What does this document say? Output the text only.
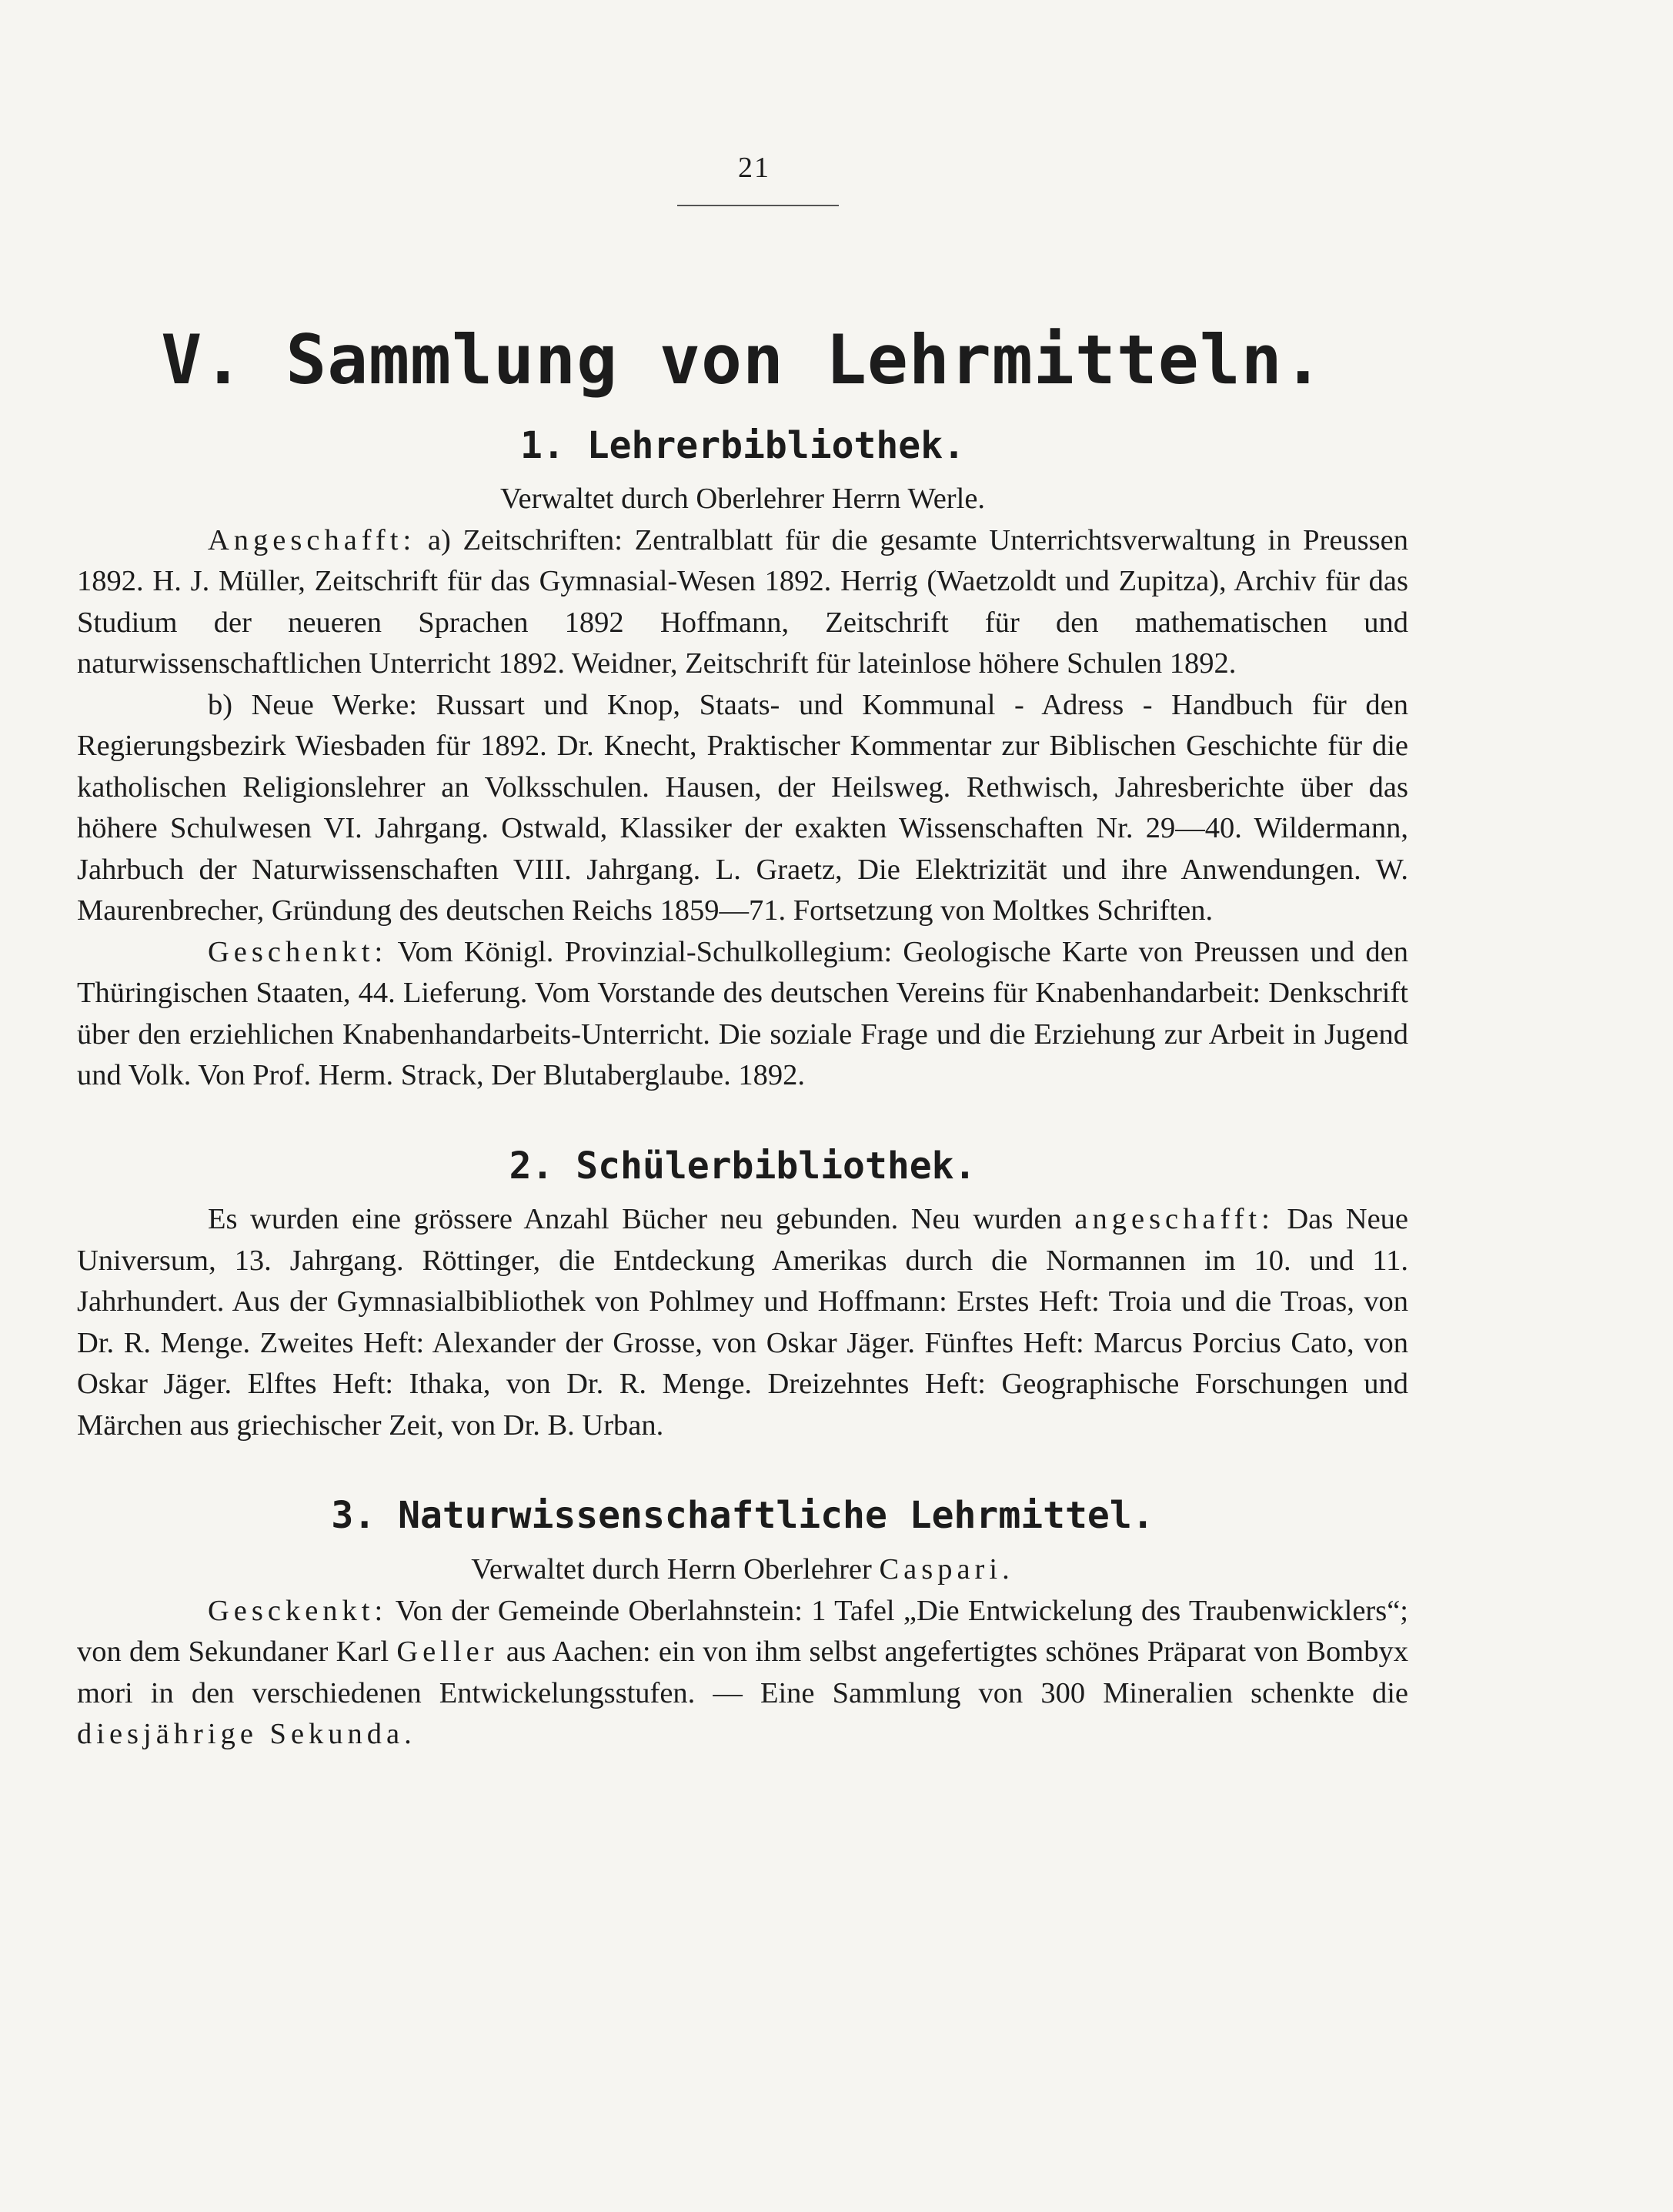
21
V. Sammlung von Lehrmitteln.
1. Lehrerbibliothek.

Verwaltet durch Oberlehrer Herrn Werle.

Angeschafft: a) Zeitschriften: Zentralblatt für die gesamte Unterrichtsverwaltung in Preussen 1892. H. J. Müller, Zeitschrift für das Gymnasial-Wesen 1892. Herrig (Waetzoldt und Zupitza), Archiv für das Studium der neueren Sprachen 1892 Hoffmann, Zeitschrift für den mathematischen und naturwissenschaftlichen Unterricht 1892. Weidner, Zeitschrift für lateinlose höhere Schulen 1892.

b) Neue Werke: Russart und Knop, Staats- und Kommunal - Adress - Handbuch für den Regierungsbezirk Wiesbaden für 1892. Dr. Knecht, Praktischer Kommentar zur Biblischen Geschichte für die katholischen Religionslehrer an Volksschulen. Hausen, der Heilsweg. Rethwisch, Jahresberichte über das höhere Schulwesen VI. Jahrgang. Ostwald, Klassiker der exakten Wissenschaften Nr. 29—40. Wildermann, Jahrbuch der Naturwissenschaften VIII. Jahrgang. L. Graetz, Die Elektrizität und ihre Anwendungen. W. Maurenbrecher, Gründung des deutschen Reichs 1859—71. Fortsetzung von Moltkes Schriften.

Geschenkt: Vom Königl. Provinzial-Schulkollegium: Geologische Karte von Preussen und den Thüringischen Staaten, 44. Lieferung. Vom Vorstande des deutschen Vereins für Knabenhandarbeit: Denkschrift über den erziehlichen Knabenhandarbeits-Unterricht. Die soziale Frage und die Erziehung zur Arbeit in Jugend und Volk. Von Prof. Herm. Strack, Der Blutaberglaube. 1892.

2. Schülerbibliothek.

Es wurden eine grössere Anzahl Bücher neu gebunden. Neu wurden angeschafft: Das Neue Universum, 13. Jahrgang. Röttinger, die Entdeckung Amerikas durch die Normannen im 10. und 11. Jahrhundert. Aus der Gymnasialbibliothek von Pohlmey und Hoffmann: Erstes Heft: Troia und die Troas, von Dr. R. Menge. Zweites Heft: Alexander der Grosse, von Oskar Jäger. Fünftes Heft: Marcus Porcius Cato, von Oskar Jäger. Elftes Heft: Ithaka, von Dr. R. Menge. Dreizehntes Heft: Geographische Forschungen und Märchen aus griechischer Zeit, von Dr. B. Urban.

3. Naturwissenschaftliche Lehrmittel.

Verwaltet durch Herrn Oberlehrer Caspari.

Gesckenkt: Von der Gemeinde Oberlahnstein: 1 Tafel „Die Entwickelung des Traubenwicklers“; von dem Sekundaner Karl Geller aus Aachen: ein von ihm selbst angefertigtes schönes Präparat von Bombyx mori in den verschiedenen Entwickelungsstufen. — Eine Sammlung von 300 Mineralien schenkte die diesjährige Sekunda.
